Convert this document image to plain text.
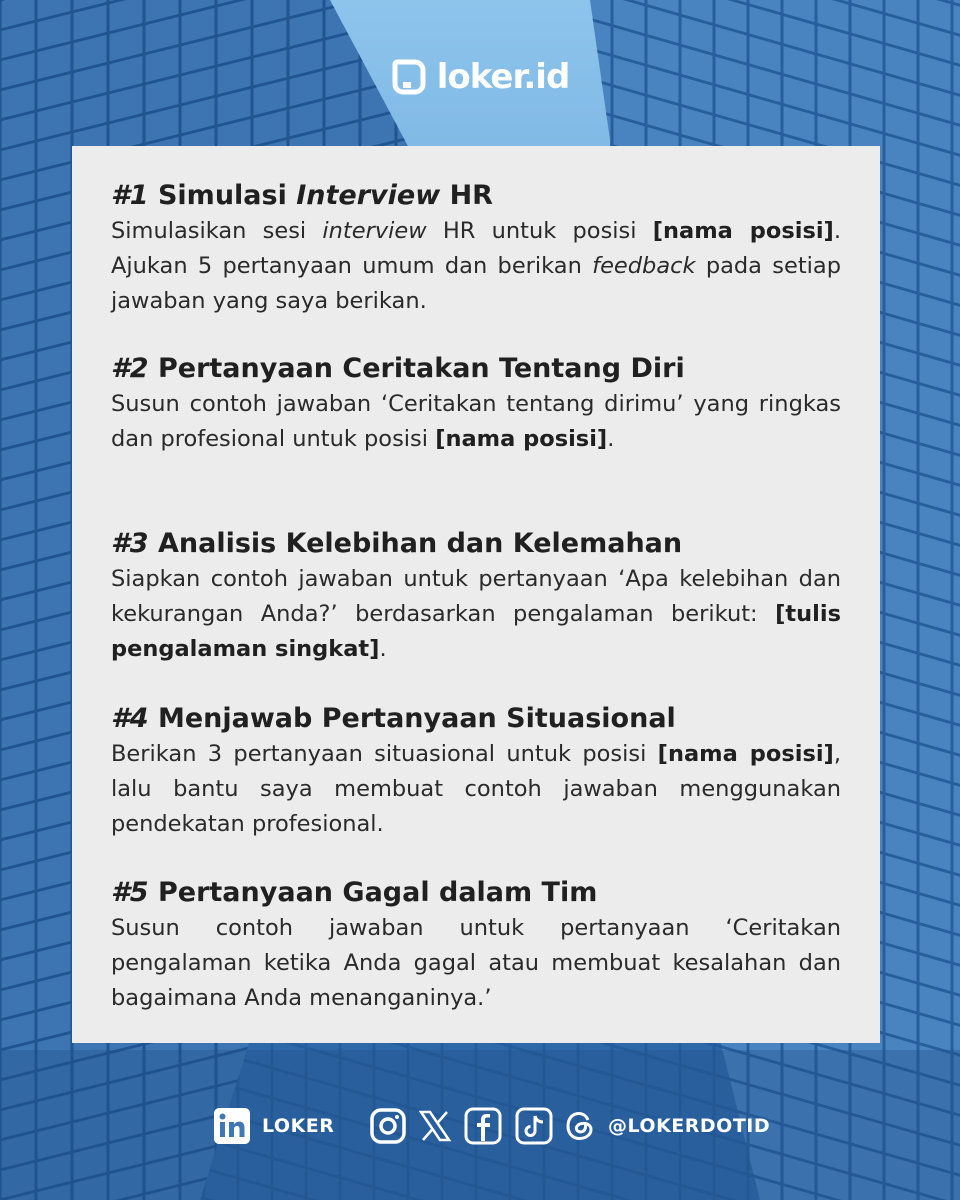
loker.id
#1 Simulasi Interview HR

Simulasikan sesi interview HR untuk posisi [nama posisi]. Ajukan 5 pertanyaan umum dan berikan feedback pada setiap jawaban yang saya berikan.

#2 Pertanyaan Ceritakan Tentang Diri

Susun contoh jawaban ‘Ceritakan tentang dirimu’ yang ringkas dan profesional untuk posisi [nama posisi].

#3 Analisis Kelebihan dan Kelemahan

Siapkan contoh jawaban untuk pertanyaan ‘Apa kelebihan dan kekurangan Anda?’ berdasarkan pengalaman berikut: [tulis pengalaman singkat].

#4 Menjawab Pertanyaan Situasional

Berikan 3 pertanyaan situasional untuk posisi [nama posisi], lalu bantu saya membuat contoh jawaban menggunakan pendekatan profesional.

#5 Pertanyaan Gagal dalam Tim

Susun contoh jawaban untuk pertanyaan ‘Ceritakan pengalaman ketika Anda gagal atau membuat kesalahan dan bagaimana Anda menanganinya.’

LOKER	@LOKERDOTID
